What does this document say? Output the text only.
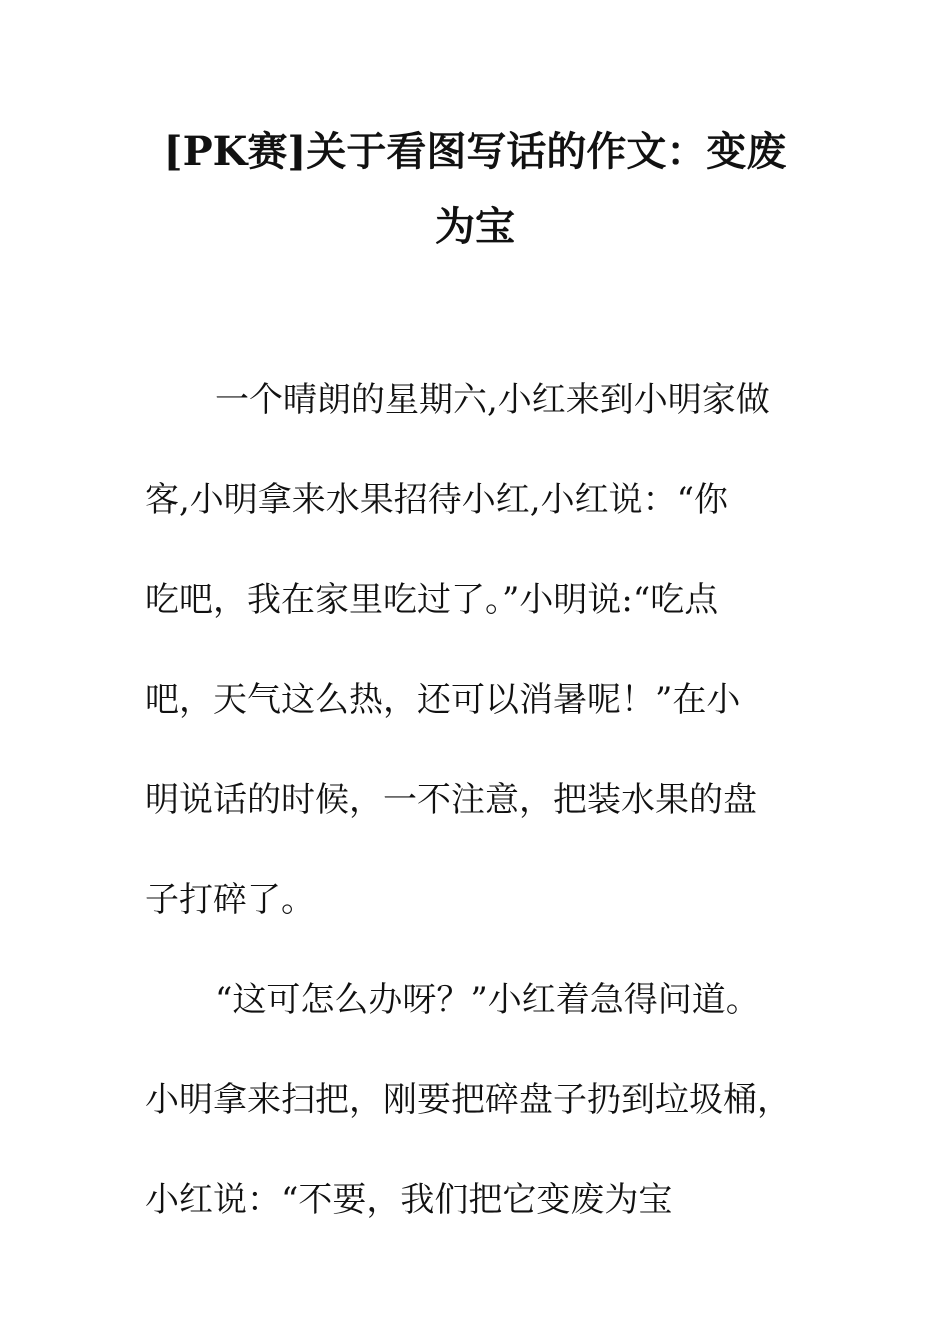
[PK赛]关于看图写话的作文：变废
为宝

一个晴朗的星期六,小红来到小明家做

客,小明拿来水果招待小红,小红说：“你

吃吧，我在家里吃过了。”小明说:“吃点

吧，天气这么热，还可以消暑呢！”在小

明说话的时候，一不注意，把装水果的盘

子打碎了。

“这可怎么办呀？”小红着急得问道。

小明拿来扫把，刚要把碎盘子扔到垃圾桶，

小红说：“不要，我们把它变废为宝
